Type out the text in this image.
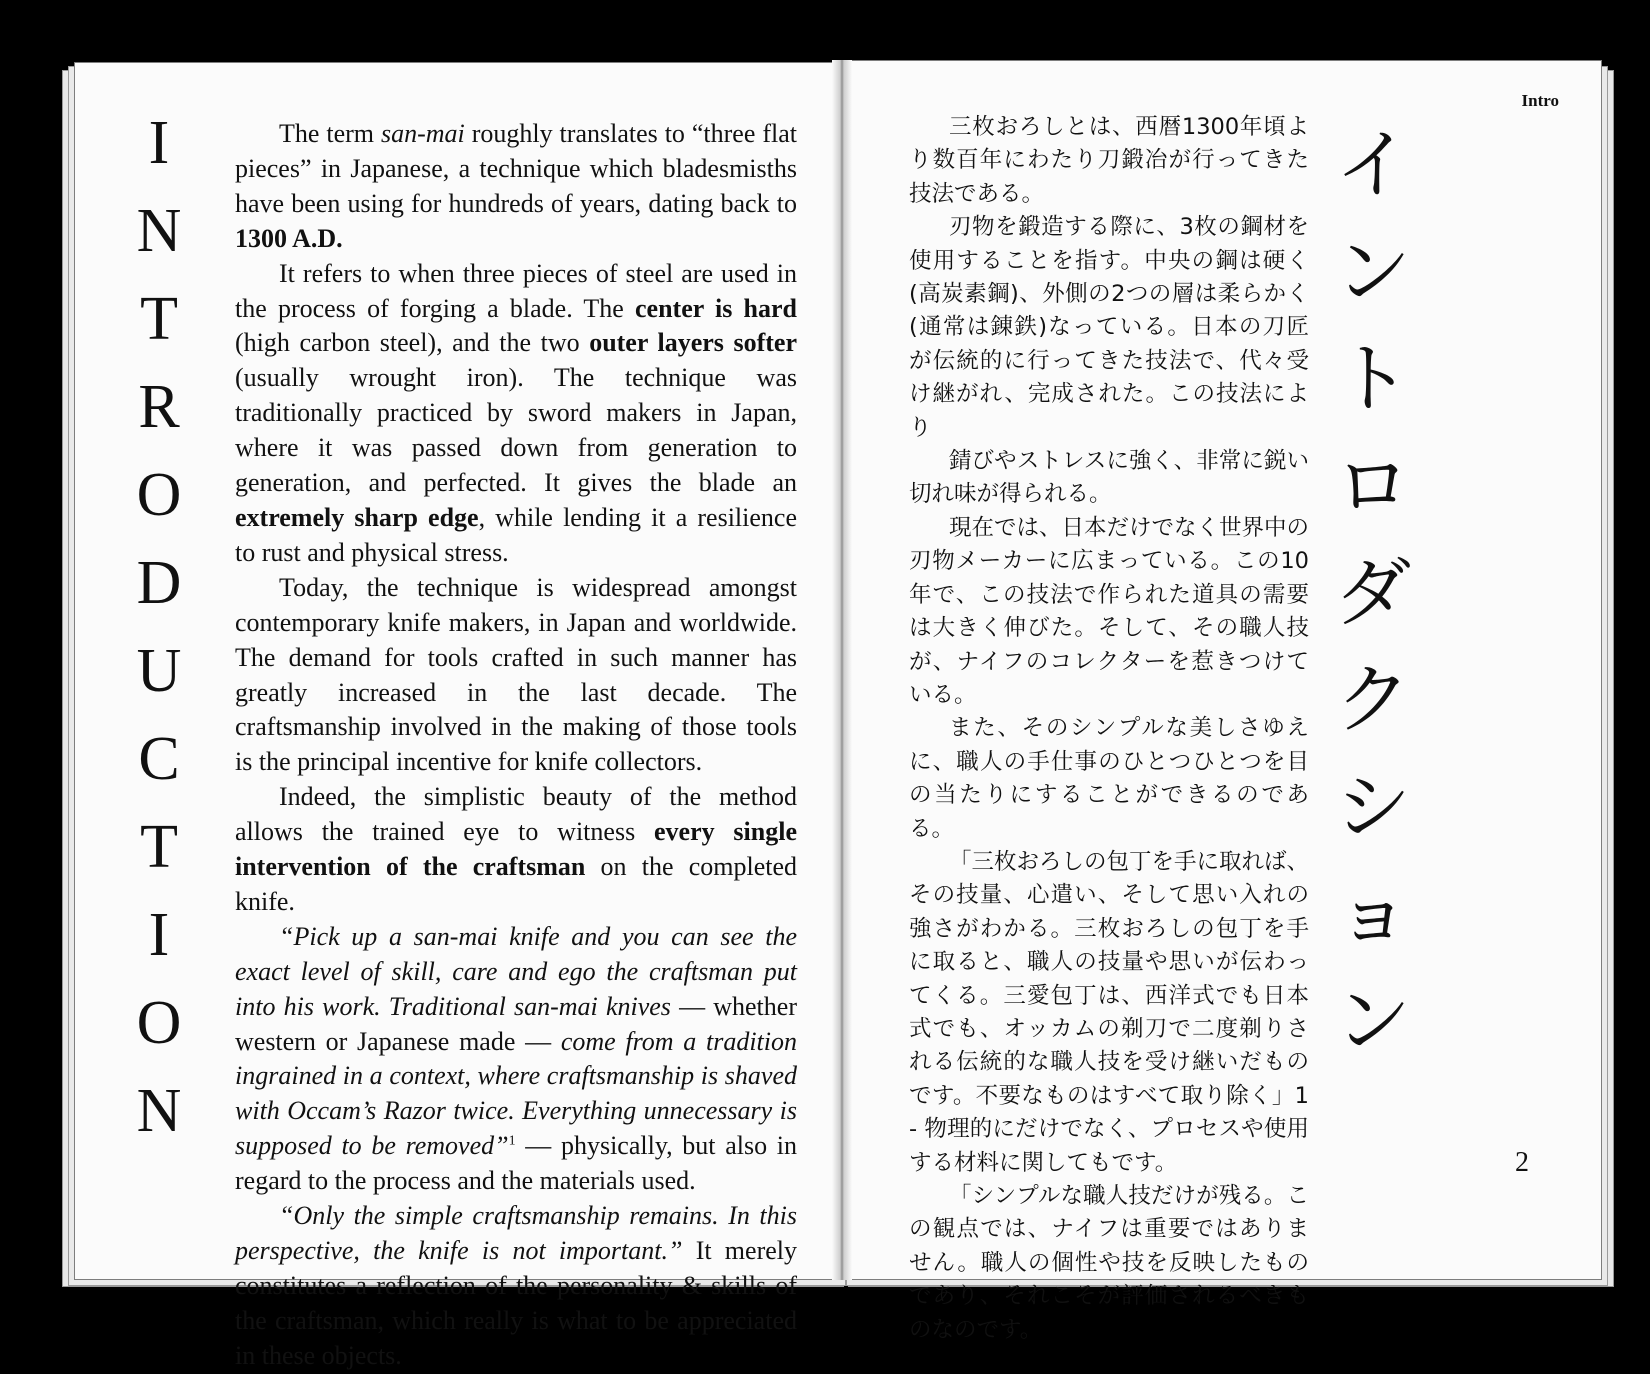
I
N
T
R
O
D
U
C
T
I
O
N

The term san-mai roughly translates to “three flat pieces” in Japanese, a technique which bladesmisths have been using for hundreds of years, dating back to 1300 A.D.

It refers to when three pieces of steel are used in the process of forging a blade. The center is hard (high carbon steel), and the two outer layers softer (usually wrought iron). The technique was traditionally practiced by sword makers in Japan, where it was passed down from generation to generation, and perfected. It gives the blade an extremely sharp edge, while lending it a resilience to rust and physical stress.

Today, the technique is widespread amongst contemporary knife makers, in Japan and worldwide. The demand for tools crafted in such manner has greatly increased in the last decade. The craftsmanship involved in the making of those tools is the principal incentive for knife collectors.

Indeed, the simplistic beauty of the method allows the trained eye to witness every single intervention of the craftsman on the completed knife.

“Pick up a san-mai knife and you can see the exact level of skill, care and ego the craftsman put into his work. Traditional san-mai knives — whether western or Japanese made — come from a tradition ingrained in a context, where craftsmanship is shaved with Occam’s Razor twice. Everything unnecessary is supposed to be removed”$^1$ — physically, but also in regard to the process and the materials used.

“Only the simple craftsmanship remains. In this perspective, the knife is not important.” It merely constitutes a reflection of the personality & skills of the craftsman, which really is what to be appreciated in these objects.

Intro

三枚おろしとは、西暦1300年頃より数百年にわたり刀鍛冶が行ってきた技法である。

刃物を鍛造する際に、3枚の鋼材を使用することを指す。中央の鋼は硬く(高炭素鋼)、外側の2つの層は柔らかく(通常は錬鉄)なっている。日本の刀匠が伝統的に行ってきた技法で、代々受け継がれ、完成された。この技法により

錆びやストレスに強く、非常に鋭い切れ味が得られる。

現在では、日本だけでなく世界中の刃物メーカーに広まっている。この10年で、この技法で作られた道具の需要は大きく伸びた。そして、その職人技が、ナイフのコレクターを惹きつけている。

また、そのシンプルな美しさゆえに、職人の手仕事のひとつひとつを目の当たりにすることができるのである。

「三枚おろしの包丁を手に取れば、その技量、心遣い、そして思い入れの強さがわかる。三枚おろしの包丁を手に取ると、職人の技量や思いが伝わってくる。三愛包丁は、西洋式でも日本式でも、オッカムの剃刀で二度剃りされる伝統的な職人技を受け継いだものです。不要なものはすべて取り除く」1 - 物理的にだけでなく、プロセスや使用する材料に関してもです。

「シンプルな職人技だけが残る。この観点では、ナイフは重要ではありません。職人の個性や技を反映したものであり、それこそが評価されるべきものなのです。

イ
ン
ト
ロ
ダ
ク
シ
ョ
ン
2
